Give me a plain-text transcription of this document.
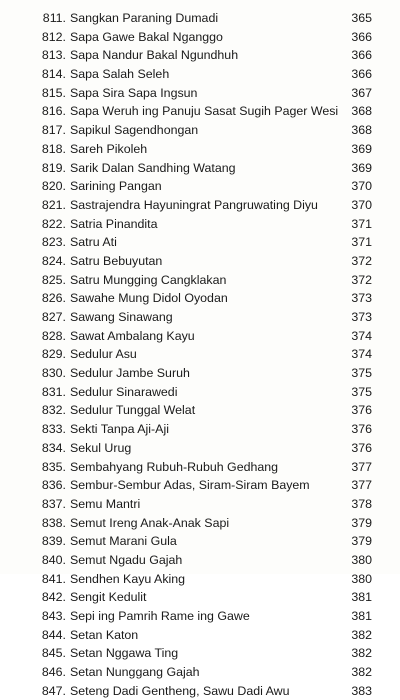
811. Sangkan Paraning Dumadi	365
812. Sapa Gawe Bakal Nganggo	366
813. Sapa Nandur Bakal Ngundhuh	366
814. Sapa Salah Seleh	366
815. Sapa Sira Sapa Ingsun	367
816. Sapa Weruh ing Panuju Sasat Sugih Pager Wesi	368
817. Sapikul Sagendhongan	368
818. Sareh Pikoleh	369
819. Sarik Dalan Sandhing Watang	369
820. Sarining Pangan	370
821. Sastrajendra Hayuningrat Pangruwating Diyu	370
822. Satria Pinandita	371
823. Satru Ati	371
824. Satru Bebuyutan	372
825. Satru Mungging Cangklakan	372
826. Sawahe Mung Didol Oyodan	373
827. Sawang Sinawang	373
828. Sawat Ambalang Kayu	374
829. Sedulur Asu	374
830. Sedulur Jambe Suruh	375
831. Sedulur Sinarawedi	375
832. Sedulur Tunggal Welat	376
833. Sekti Tanpa Aji-Aji	376
834. Sekul Urug	376
835. Sembahyang Rubuh-Rubuh Gedhang	377
836. Sembur-Sembur Adas, Siram-Siram Bayem	377
837. Semu Mantri	378
838. Semut Ireng Anak-Anak Sapi	379
839. Semut Marani Gula	379
840. Semut Ngadu Gajah	380
841. Sendhen Kayu Aking	380
842. Sengit Kedulit	381
843. Sepi ing Pamrih Rame ing Gawe	381
844. Setan Katon	382
845. Setan Nggawa Ting	382
846. Setan Nunggang Gajah	382
847. Seteng Dadi Gentheng, Sawu Dadi Awu	383
